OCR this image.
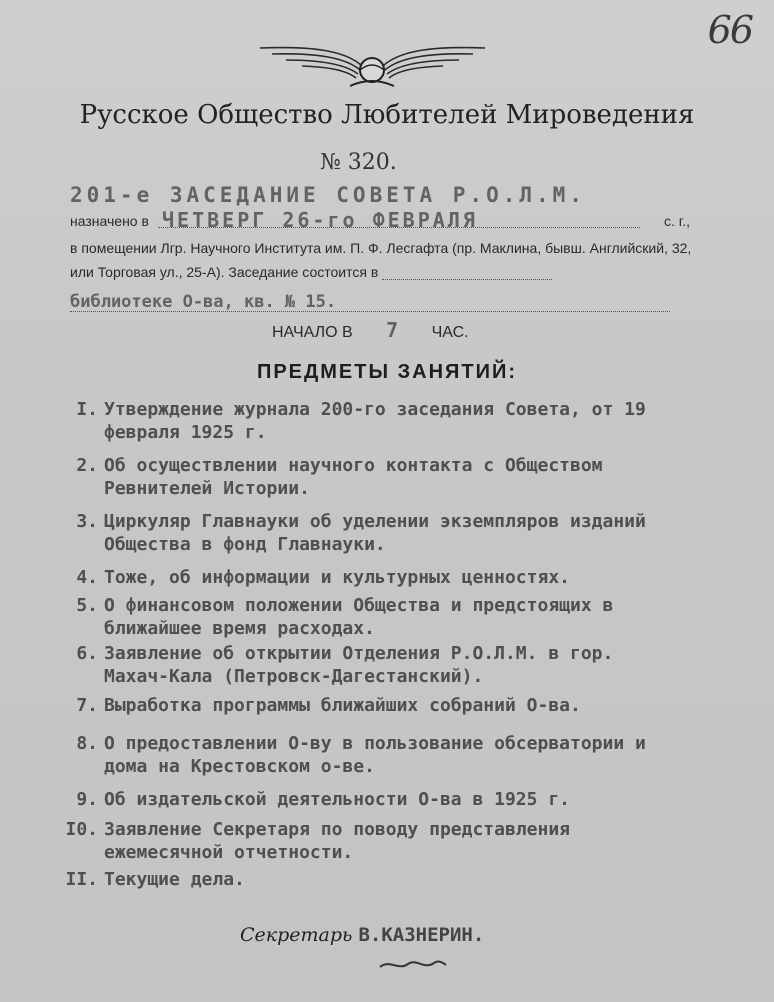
66
Русское Общество Любителей Мироведения
№ 320.
201-е ЗАСЕДАНИЕ СОВЕТА Р.О.Л.М.
назначено в ЧЕТВЕРГ 26-го ФЕВРАЛЯ	с. г.,
в помещении Лгр. Научного Института им. П. Ф. Лесгафта (пр. Маклина, бывш. Английский, 32, или Торговая ул., 25-А). Заседание состоится в
библиотеке О-ва, кв. № 15.
НАЧАЛО В 7 ЧАС.
ПРЕДМЕТЫ ЗАНЯТИЙ:
I. Утверждение журнала 200-го заседания Совета, от 19 февраля 1925 г.
2. Об осуществлении научного контакта с Обществом Ревнителей Истории.
3. Циркуляр Главнауки об уделении экземпляров изданий Общества в фонд Главнауки.
4. Тоже, об информации и культурных ценностях.
5. О финансовом положении Общества и предстоящих в ближайшее время расходах.
6. Заявление об открытии Отделения Р.О.Л.М. в гор. Махач-Кала (Петровск-Дагестанский).
7. Выработка программы ближайших собраний О-ва.
8. О предоставлении О-ву в пользование обсерватории и дома на Крестовском о-ве.
9. Об издательской деятельности О-ва в 1925 г.
I0. Заявление Секретаря по поводу представления ежемесячной отчетности.
II. Текущие дела.
Секретарь В.КАЗНЕРИН.
